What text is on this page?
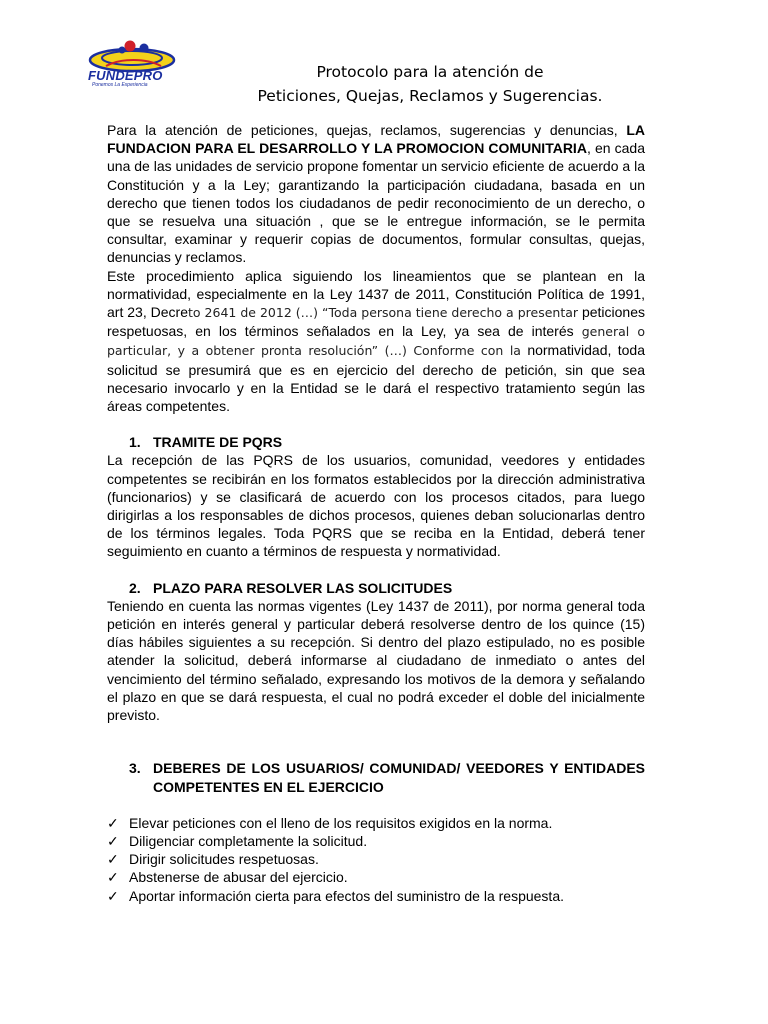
FUNDEPRO
Ponemos La Experiencia
Protocolo para la atención de
Peticiones, Quejas, Reclamos y Sugerencias.

Para la atención de peticiones, quejas, reclamos, sugerencias y denuncias, LA FUNDACION PARA EL DESARROLLO Y LA PROMOCION COMUNITARIA, en cada una de las unidades de servicio propone fomentar un servicio eficiente de acuerdo a la Constitución y a la Ley; garantizando la participación ciudadana, basada en un derecho que tienen todos los ciudadanos de pedir reconocimiento de un derecho, o que se resuelva una situación , que se le entregue información, se le permita consultar, examinar y requerir copias de documentos, formular consultas, quejas, denuncias y reclamos.

Este procedimiento aplica siguiendo los lineamientos que se plantean en la normatividad, especialmente en la Ley 1437 de 2011, Constitución Política de 1991, art 23, Decreto 2641 de 2012 (…) “Toda persona tiene derecho a presentar peticiones respetuosas, en los términos señalados en la Ley, ya sea de interés general o particular, y a obtener pronta resolución” (…) Conforme con la normatividad, toda solicitud se presumirá que es en ejercicio del derecho de petición, sin que sea necesario invocarlo y en la Entidad se le dará el respectivo tratamiento según las áreas competentes.

1. TRAMITE DE PQRS

La recepción de las PQRS de los usuarios, comunidad, veedores y entidades competentes se recibirán en los formatos establecidos por la dirección administrativa (funcionarios) y se clasificará de acuerdo con los procesos citados, para luego dirigirlas a los responsables de dichos procesos, quienes deban solucionarlas dentro de los términos legales. Toda PQRS que se reciba en la Entidad, deberá tener seguimiento en cuanto a términos de respuesta y normatividad.

2. PLAZO PARA RESOLVER LAS SOLICITUDES

Teniendo en cuenta las normas vigentes (Ley 1437 de 2011), por norma general toda petición en interés general y particular deberá resolverse dentro de los quince (15) días hábiles siguientes a su recepción. Si dentro del plazo estipulado, no es posible atender la solicitud, deberá informarse al ciudadano de inmediato o antes del vencimiento del término señalado, expresando los motivos de la demora y señalando el plazo en que se dará respuesta, el cual no podrá exceder el doble del inicialmente previsto.

3. DEBERES DE LOS USUARIOS/ COMUNIDAD/ VEEDORES Y ENTIDADES COMPETENTES EN EL EJERCICIO
✓ Elevar peticiones con el lleno de los requisitos exigidos en la norma.
✓ Diligenciar completamente la solicitud.
✓ Dirigir solicitudes respetuosas.
✓ Abstenerse de abusar del ejercicio.
✓ Aportar información cierta para efectos del suministro de la respuesta.
